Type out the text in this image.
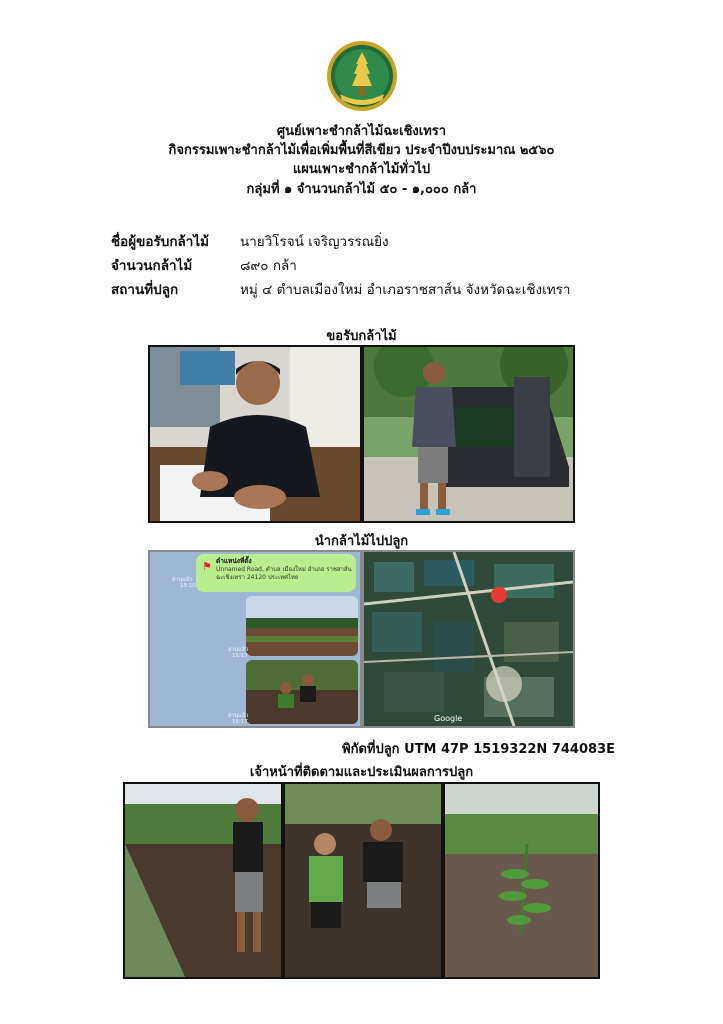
ศูนย์เพาะชำกล้าไม้ฉะเชิงเทรา
กิจกรรมเพาะชำกล้าไม้เพื่อเพิ่มพื้นที่สีเขียว ประจำปีงบประมาณ ๒๕๖๐
แผนเพาะชำกล้าไม้ทั่วไป
กลุ่มที่ ๑ จำนวนกล้าไม้ ๕๐ - ๑,๐๐๐ กล้า
ชื่อผู้ขอรับกล้าไม้ นายวิโรจน์ เจริญวรรณยิ่ง
จำนวนกล้าไม้	๘๙๐ กล้า
สถานที่ปลูก	หมู่ ๔ ตำบลเมืองใหม่ อำเภอราชสาส์น จังหวัดฉะเชิงเทรา
ขอรับกล้าไม้
นำกล้าไม้ไปปลูก
⚑ ตำแหน่งที่ตั้ง
Unnamed Road, ตำบล เมืองใหม่ อำเภอ ราชสาส์น ฉะเชิงเทรา 24120 ประเทศไทย
อ่านแล้ว
15:10
อ่านแล้ว
15:17
อ่านแล้ว
15:17
⬤
Google
พิกัดที่ปลูก UTM 47P 1519322N 744083E
เจ้าหน้าที่ติดตามและประเมินผลการปลูก
